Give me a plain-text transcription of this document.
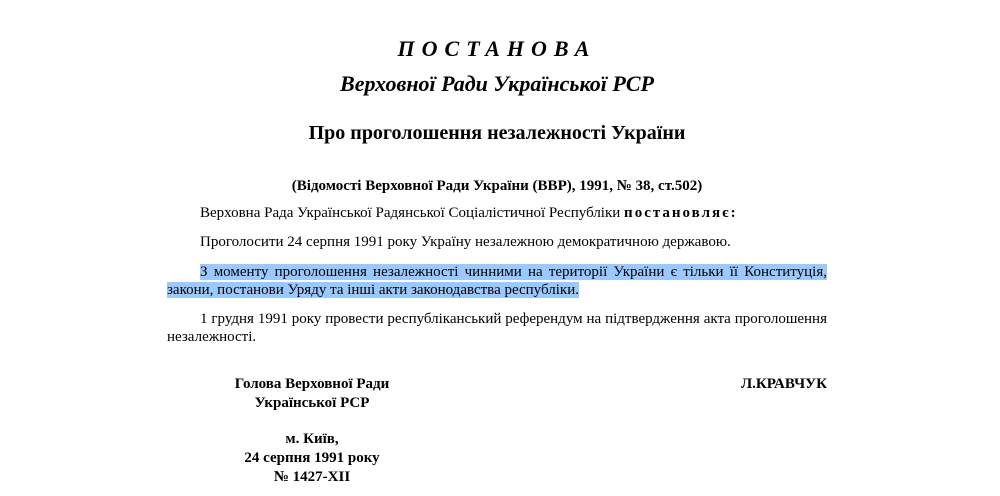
ПОСТАНОВА
Верховної Ради Української РСР
Про проголошення незалежності України
(Відомості Верховної Ради України (ВВР), 1991, № 38, ст.502)
Верховна Рада Української Радянської Соціалістичної Республіки постановляє:
Проголосити 24 серпня 1991 року Україну незалежною демократичною державою.
З моменту проголошення незалежності чинними на території України є тільки її Конституція, закони, постанови Уряду та інші акти законодавства республіки.
1 грудня 1991 року провести республіканський референдум на підтвердження акта проголошення незалежності.
Голова Верховної Ради
Української РСР
Л.КРАВЧУК
м. Київ,
24 серпня 1991 року
№ 1427-XII
